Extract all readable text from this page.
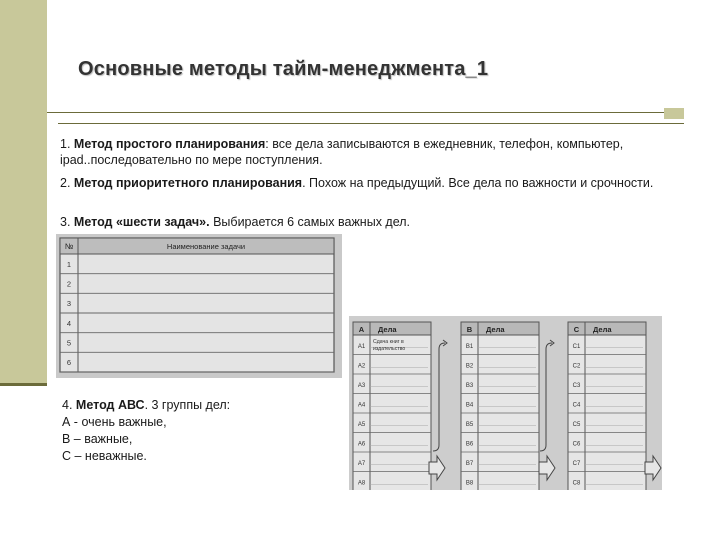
Основные методы тайм-менеджмента_1
1. Метод простого планирования: все дела записываются в ежедневник, телефон, компьютер, ipad..последовательно по мере поступления.
2. Метод приоритетного планирования. Похож на предыдущий. Все дела по важности и срочности.
3. Метод «шести задач». Выбирается 6 самых важных дел.
№	Наименование задачи
1
2
3
4
5
6
4. Метод АВС. 3 группы дел:
А - очень важные,
В – важные,
С – неважные.
A Дела
A1
A2
A3
A4
A5
A6
A7
A8
Сдача книг в
издательство
B Дела
B1
B2
B3
B4
B5
B6
B7
B8
C Дела
C1
C2
C3
C4
C5
C6
C7
C8
